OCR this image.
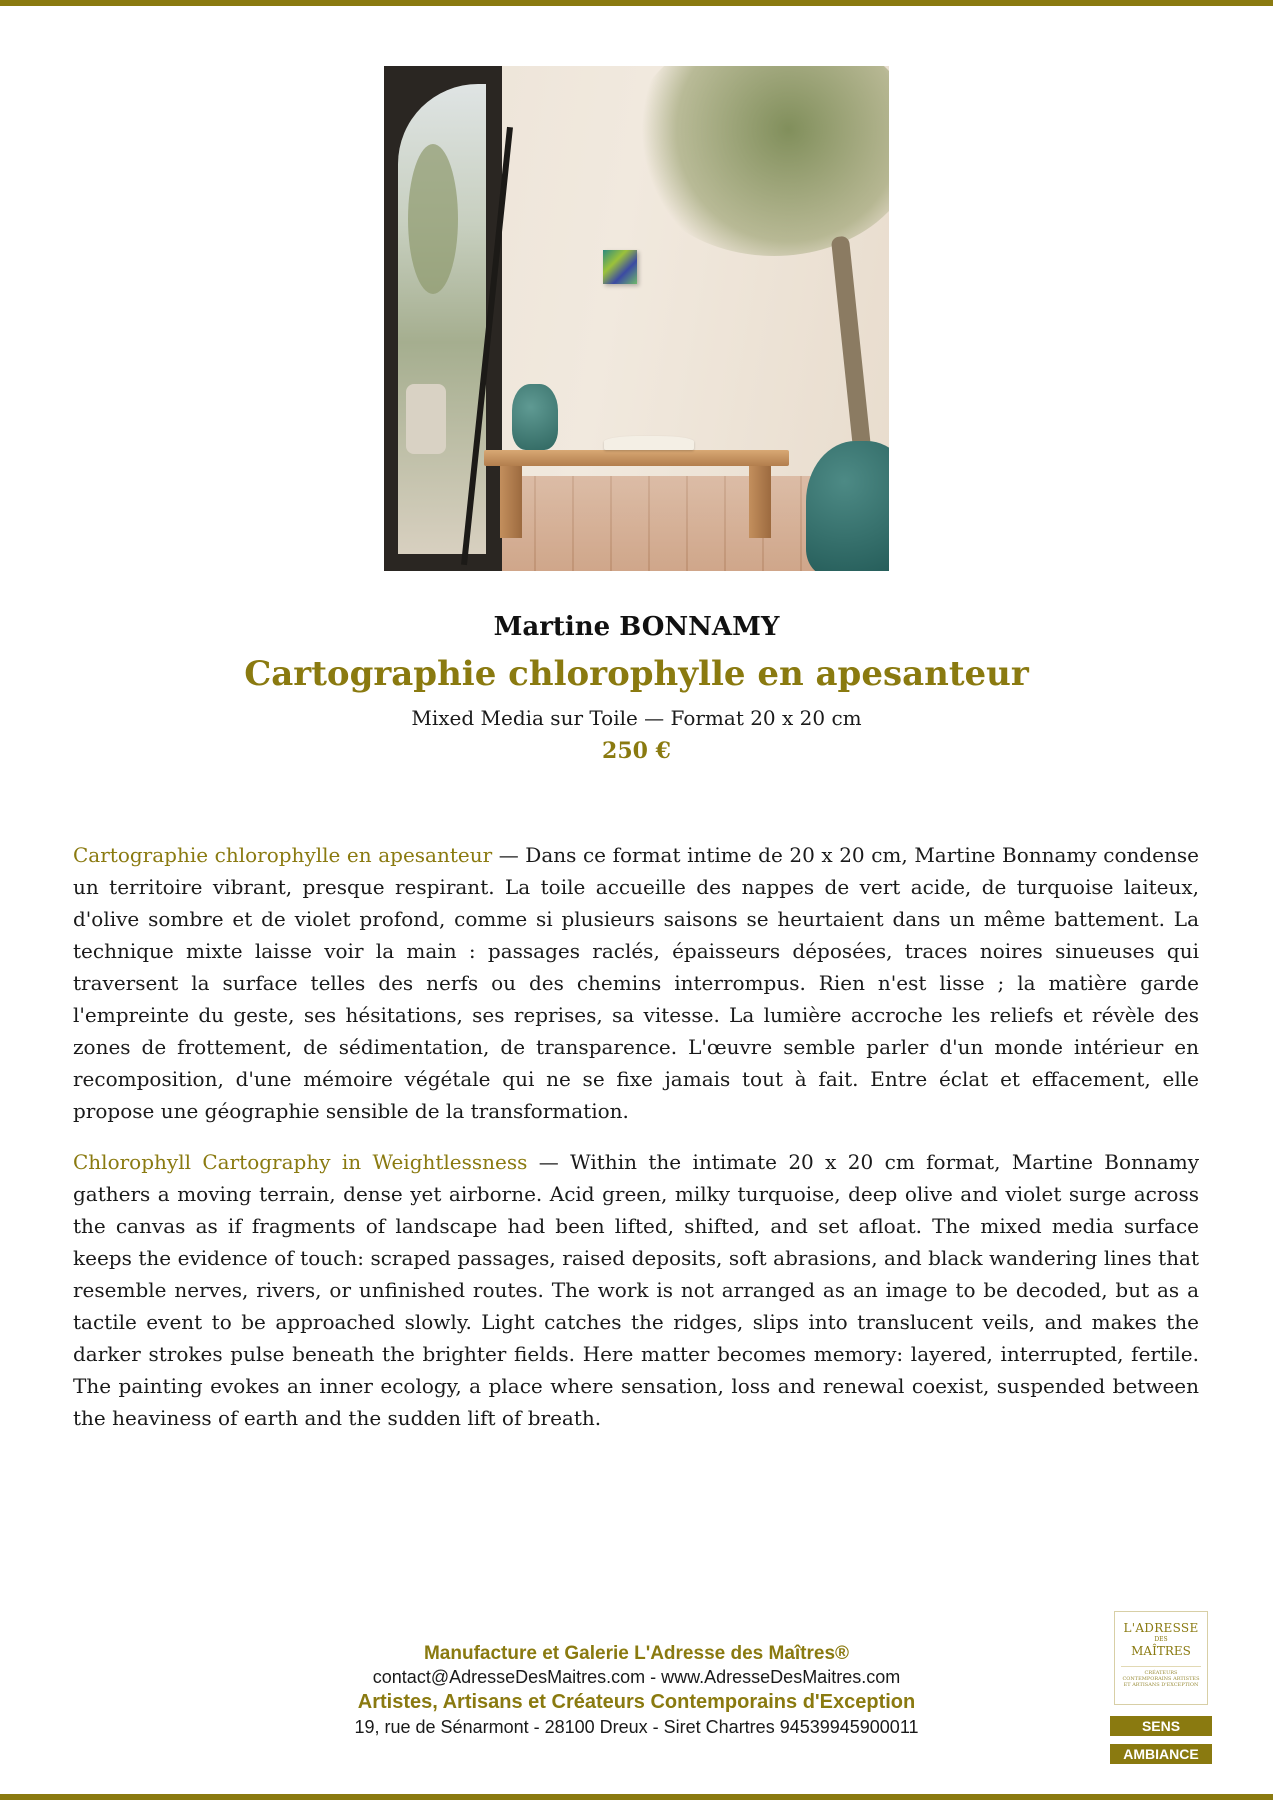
Martine BONNAMY
Cartographie chlorophylle en apesanteur
Mixed Media sur Toile — Format 20 x 20 cm
250 €

Cartographie chlorophylle en apesanteur — Dans ce format intime de 20 x 20 cm, Martine Bonnamy condense un territoire vibrant, presque respirant. La toile accueille des nappes de vert acide, de turquoise laiteux, d'olive sombre et de violet profond, comme si plusieurs saisons se heurtaient dans un même battement. La technique mixte laisse voir la main : passages raclés, épaisseurs déposées, traces noires sinueuses qui traversent la surface telles des nerfs ou des chemins interrompus. Rien n'est lisse ; la matière garde l'empreinte du geste, ses hésitations, ses reprises, sa vitesse. La lumière accroche les reliefs et révèle des zones de frottement, de sédimentation, de transparence. L'œuvre semble parler d'un monde intérieur en recomposition, d'une mémoire végétale qui ne se fixe jamais tout à fait. Entre éclat et effacement, elle propose une géographie sensible de la transformation.

Chlorophyll Cartography in Weightlessness — Within the intimate 20 x 20 cm format, Martine Bonnamy gathers a moving terrain, dense yet airborne. Acid green, milky turquoise, deep olive and violet surge across the canvas as if fragments of landscape had been lifted, shifted, and set afloat. The mixed media surface keeps the evidence of touch: scraped passages, raised deposits, soft abrasions, and black wandering lines that resemble nerves, rivers, or unfinished routes. The work is not arranged as an image to be decoded, but as a tactile event to be approached slowly. Light catches the ridges, slips into translucent veils, and makes the darker strokes pulse beneath the brighter fields. Here matter becomes memory: layered, interrupted, fertile. The painting evokes an inner ecology, a place where sensation, loss and renewal coexist, suspended between the heaviness of earth and the sudden lift of breath.

Manufacture et Galerie L'Adresse des Maîtres®
contact@AdresseDesMaitres.com - www.AdresseDesMaitres.com
Artistes, Artisans et Créateurs Contemporains d'Exception
19, rue de Sénarmont - 28100 Dreux - Siret Chartres 94539945900011
L'ADRESSE
DES
MAÎTRES
CRÉATEURS CONTEMPORAINS ARTISTES ET ARTISANS D'EXCEPTION
SENS
AMBIANCE
